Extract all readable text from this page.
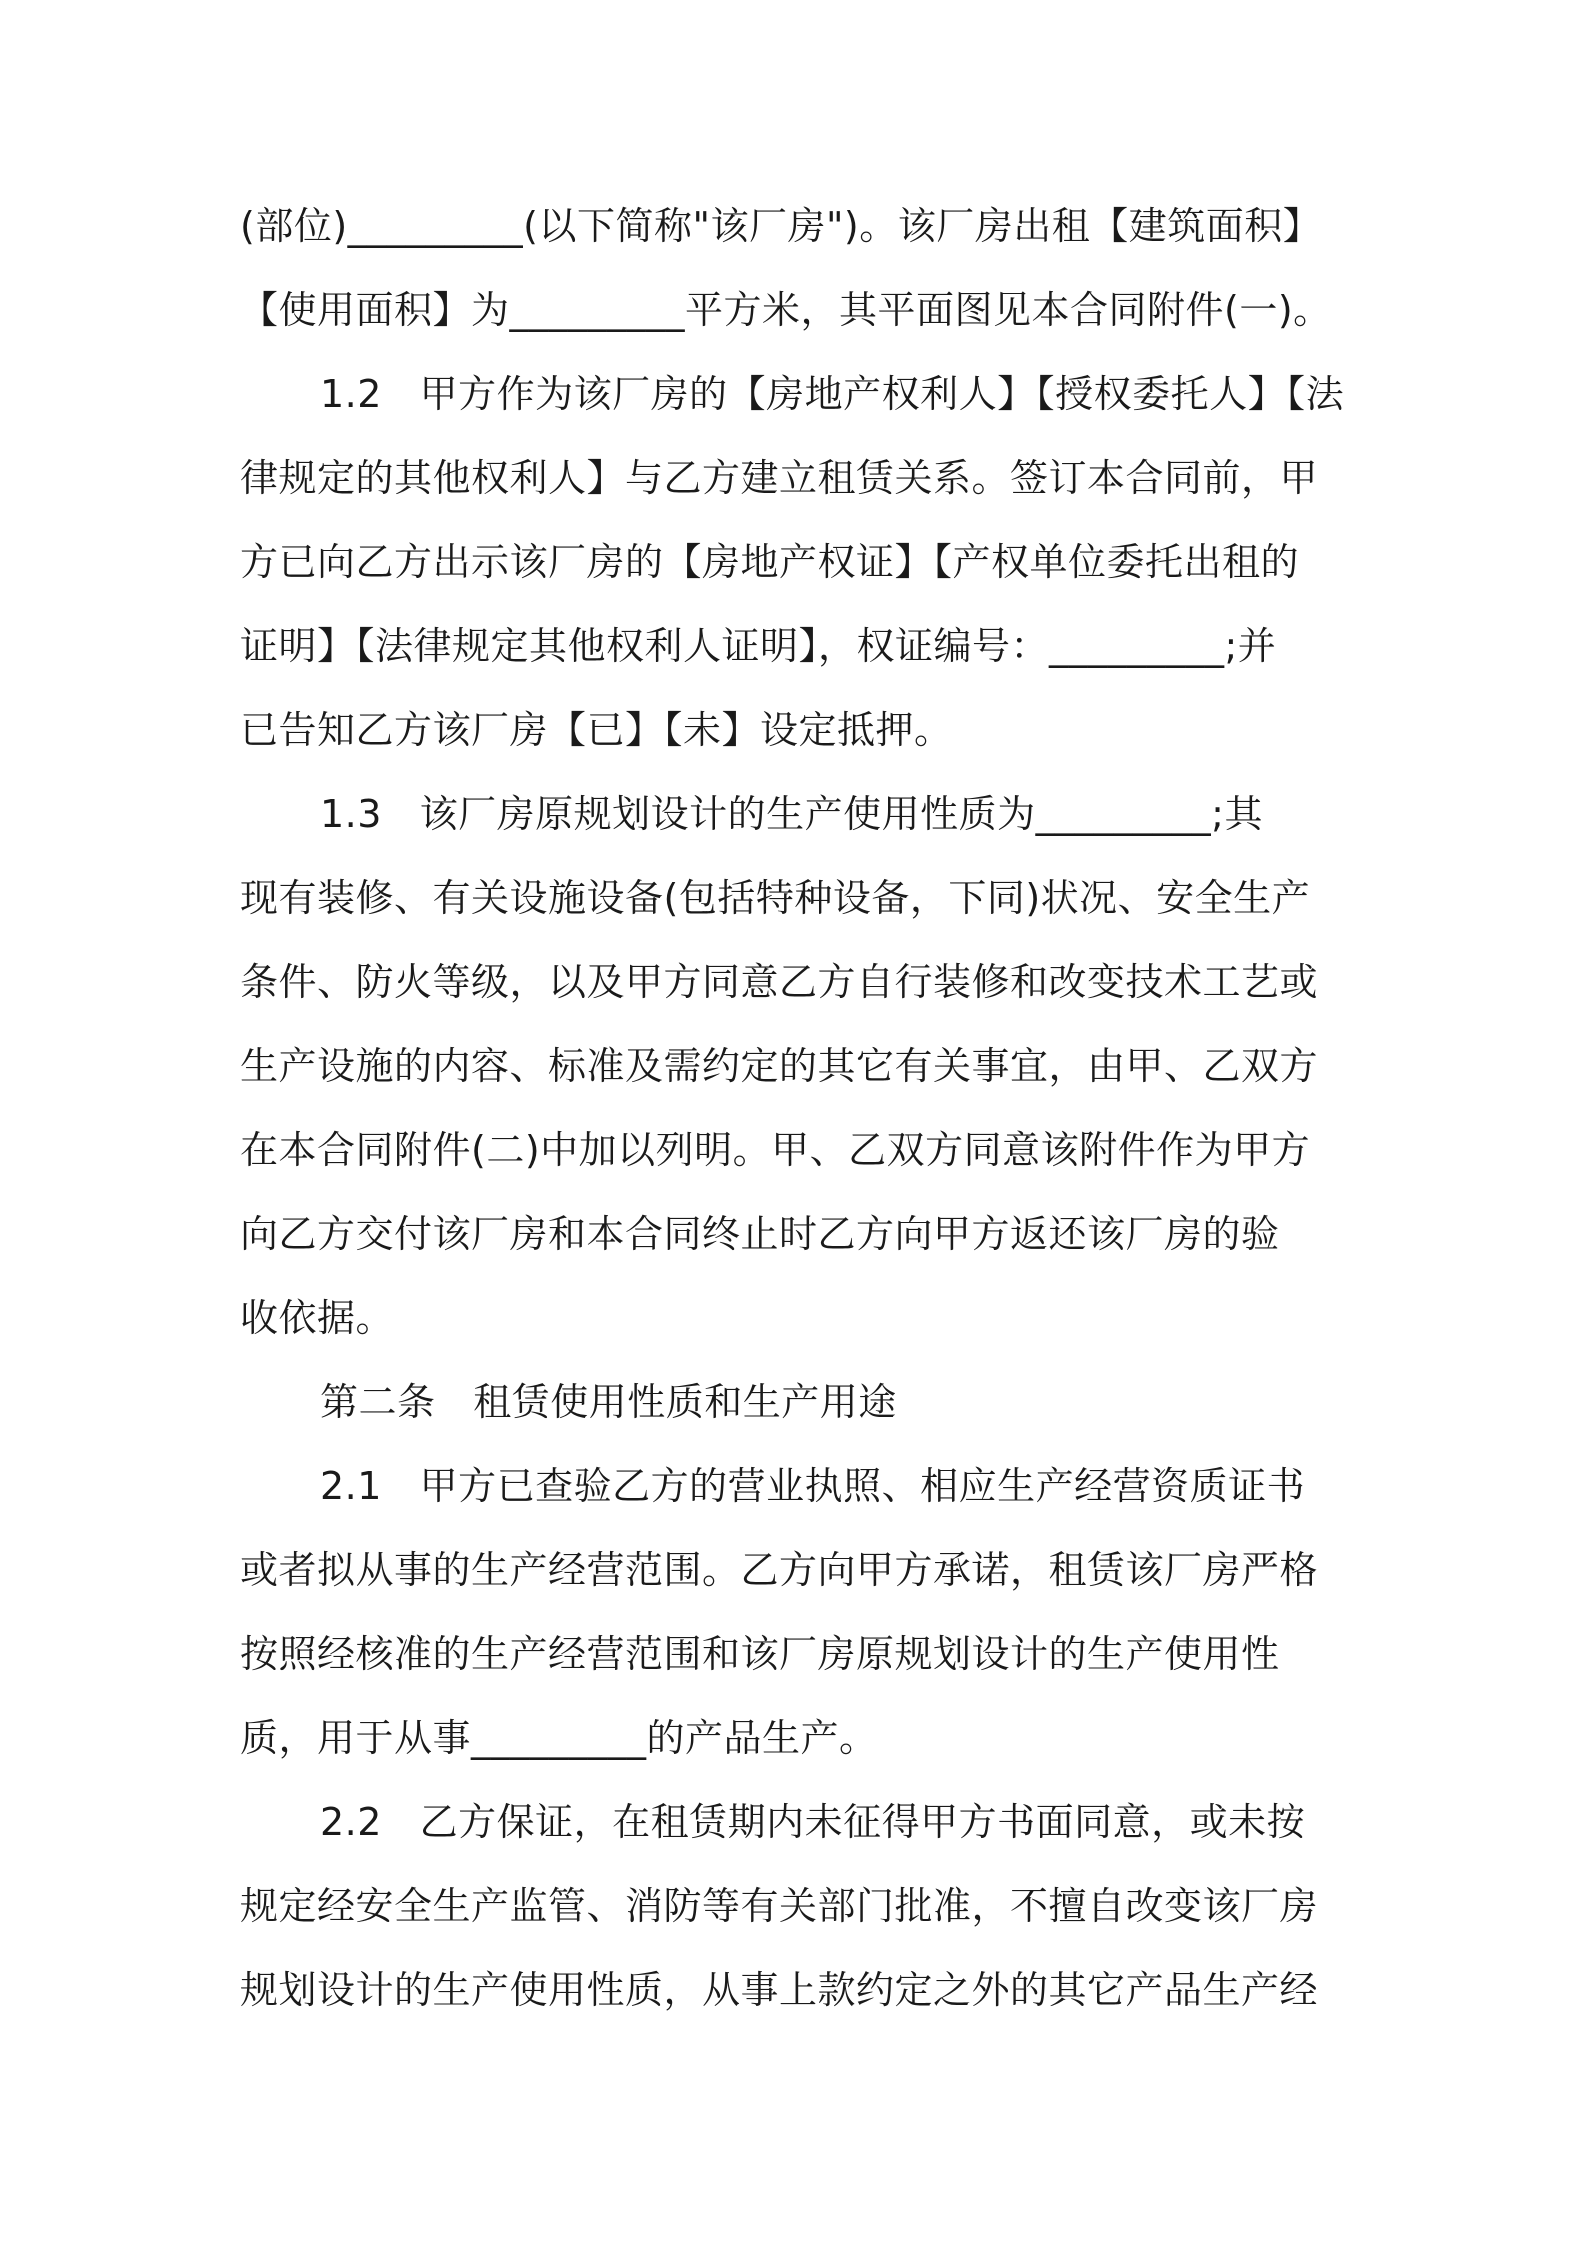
(部位)_________(以下简称"该厂房")。该厂房出租【建筑面积】
【使用面积】为_________平方米，其平面图见本合同附件(一)。
1.2   甲方作为该厂房的【房地产权利人】【授权委托人】【法
律规定的其他权利人】与乙方建立租赁关系。签订本合同前，甲
方已向乙方出示该厂房的【房地产权证】【产权单位委托出租的
证明】【法律规定其他权利人证明】，权证编号：_________;并
已告知乙方该厂房【已】【未】设定抵押。
1.3   该厂房原规划设计的生产使用性质为_________;其
现有装修、有关设施设备(包括特种设备，下同)状况、安全生产
条件、防火等级，以及甲方同意乙方自行装修和改变技术工艺或
生产设施的内容、标准及需约定的其它有关事宜，由甲、乙双方
在本合同附件(二)中加以列明。甲、乙双方同意该附件作为甲方
向乙方交付该厂房和本合同终止时乙方向甲方返还该厂房的验
收依据。
第二条   租赁使用性质和生产用途
2.1   甲方已查验乙方的营业执照、相应生产经营资质证书
或者拟从事的生产经营范围。乙方向甲方承诺，租赁该厂房严格
按照经核准的生产经营范围和该厂房原规划设计的生产使用性
质，用于从事_________的产品生产。
2.2   乙方保证，在租赁期内未征得甲方书面同意，或未按
规定经安全生产监管、消防等有关部门批准，不擅自改变该厂房
规划设计的生产使用性质，从事上款约定之外的其它产品生产经
